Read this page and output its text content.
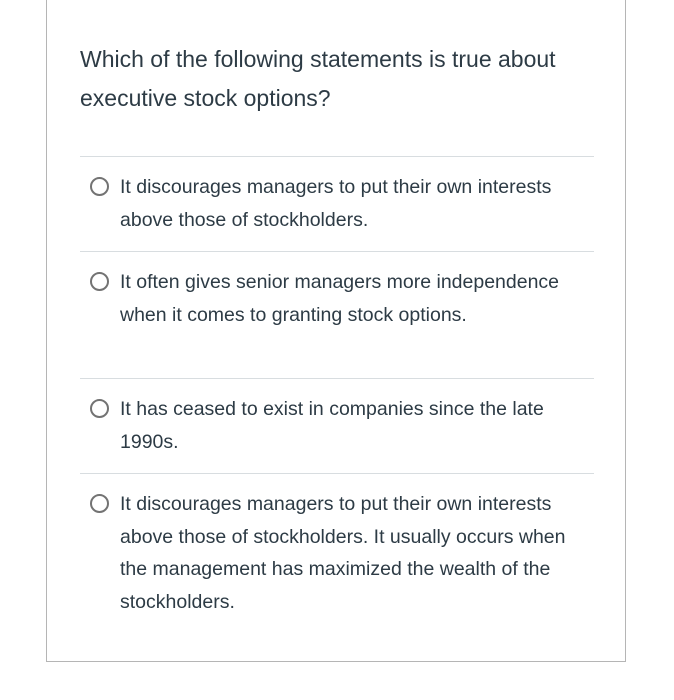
Which of the following statements is true about executive stock options?
It discourages managers to put their own interests above those of stockholders.
It often gives senior managers more independence when it comes to granting stock options.
It has ceased to exist in companies since the late 1990s.
It discourages managers to put their own interests above those of stockholders. It usually occurs when the management has maximized the wealth of the stockholders.
